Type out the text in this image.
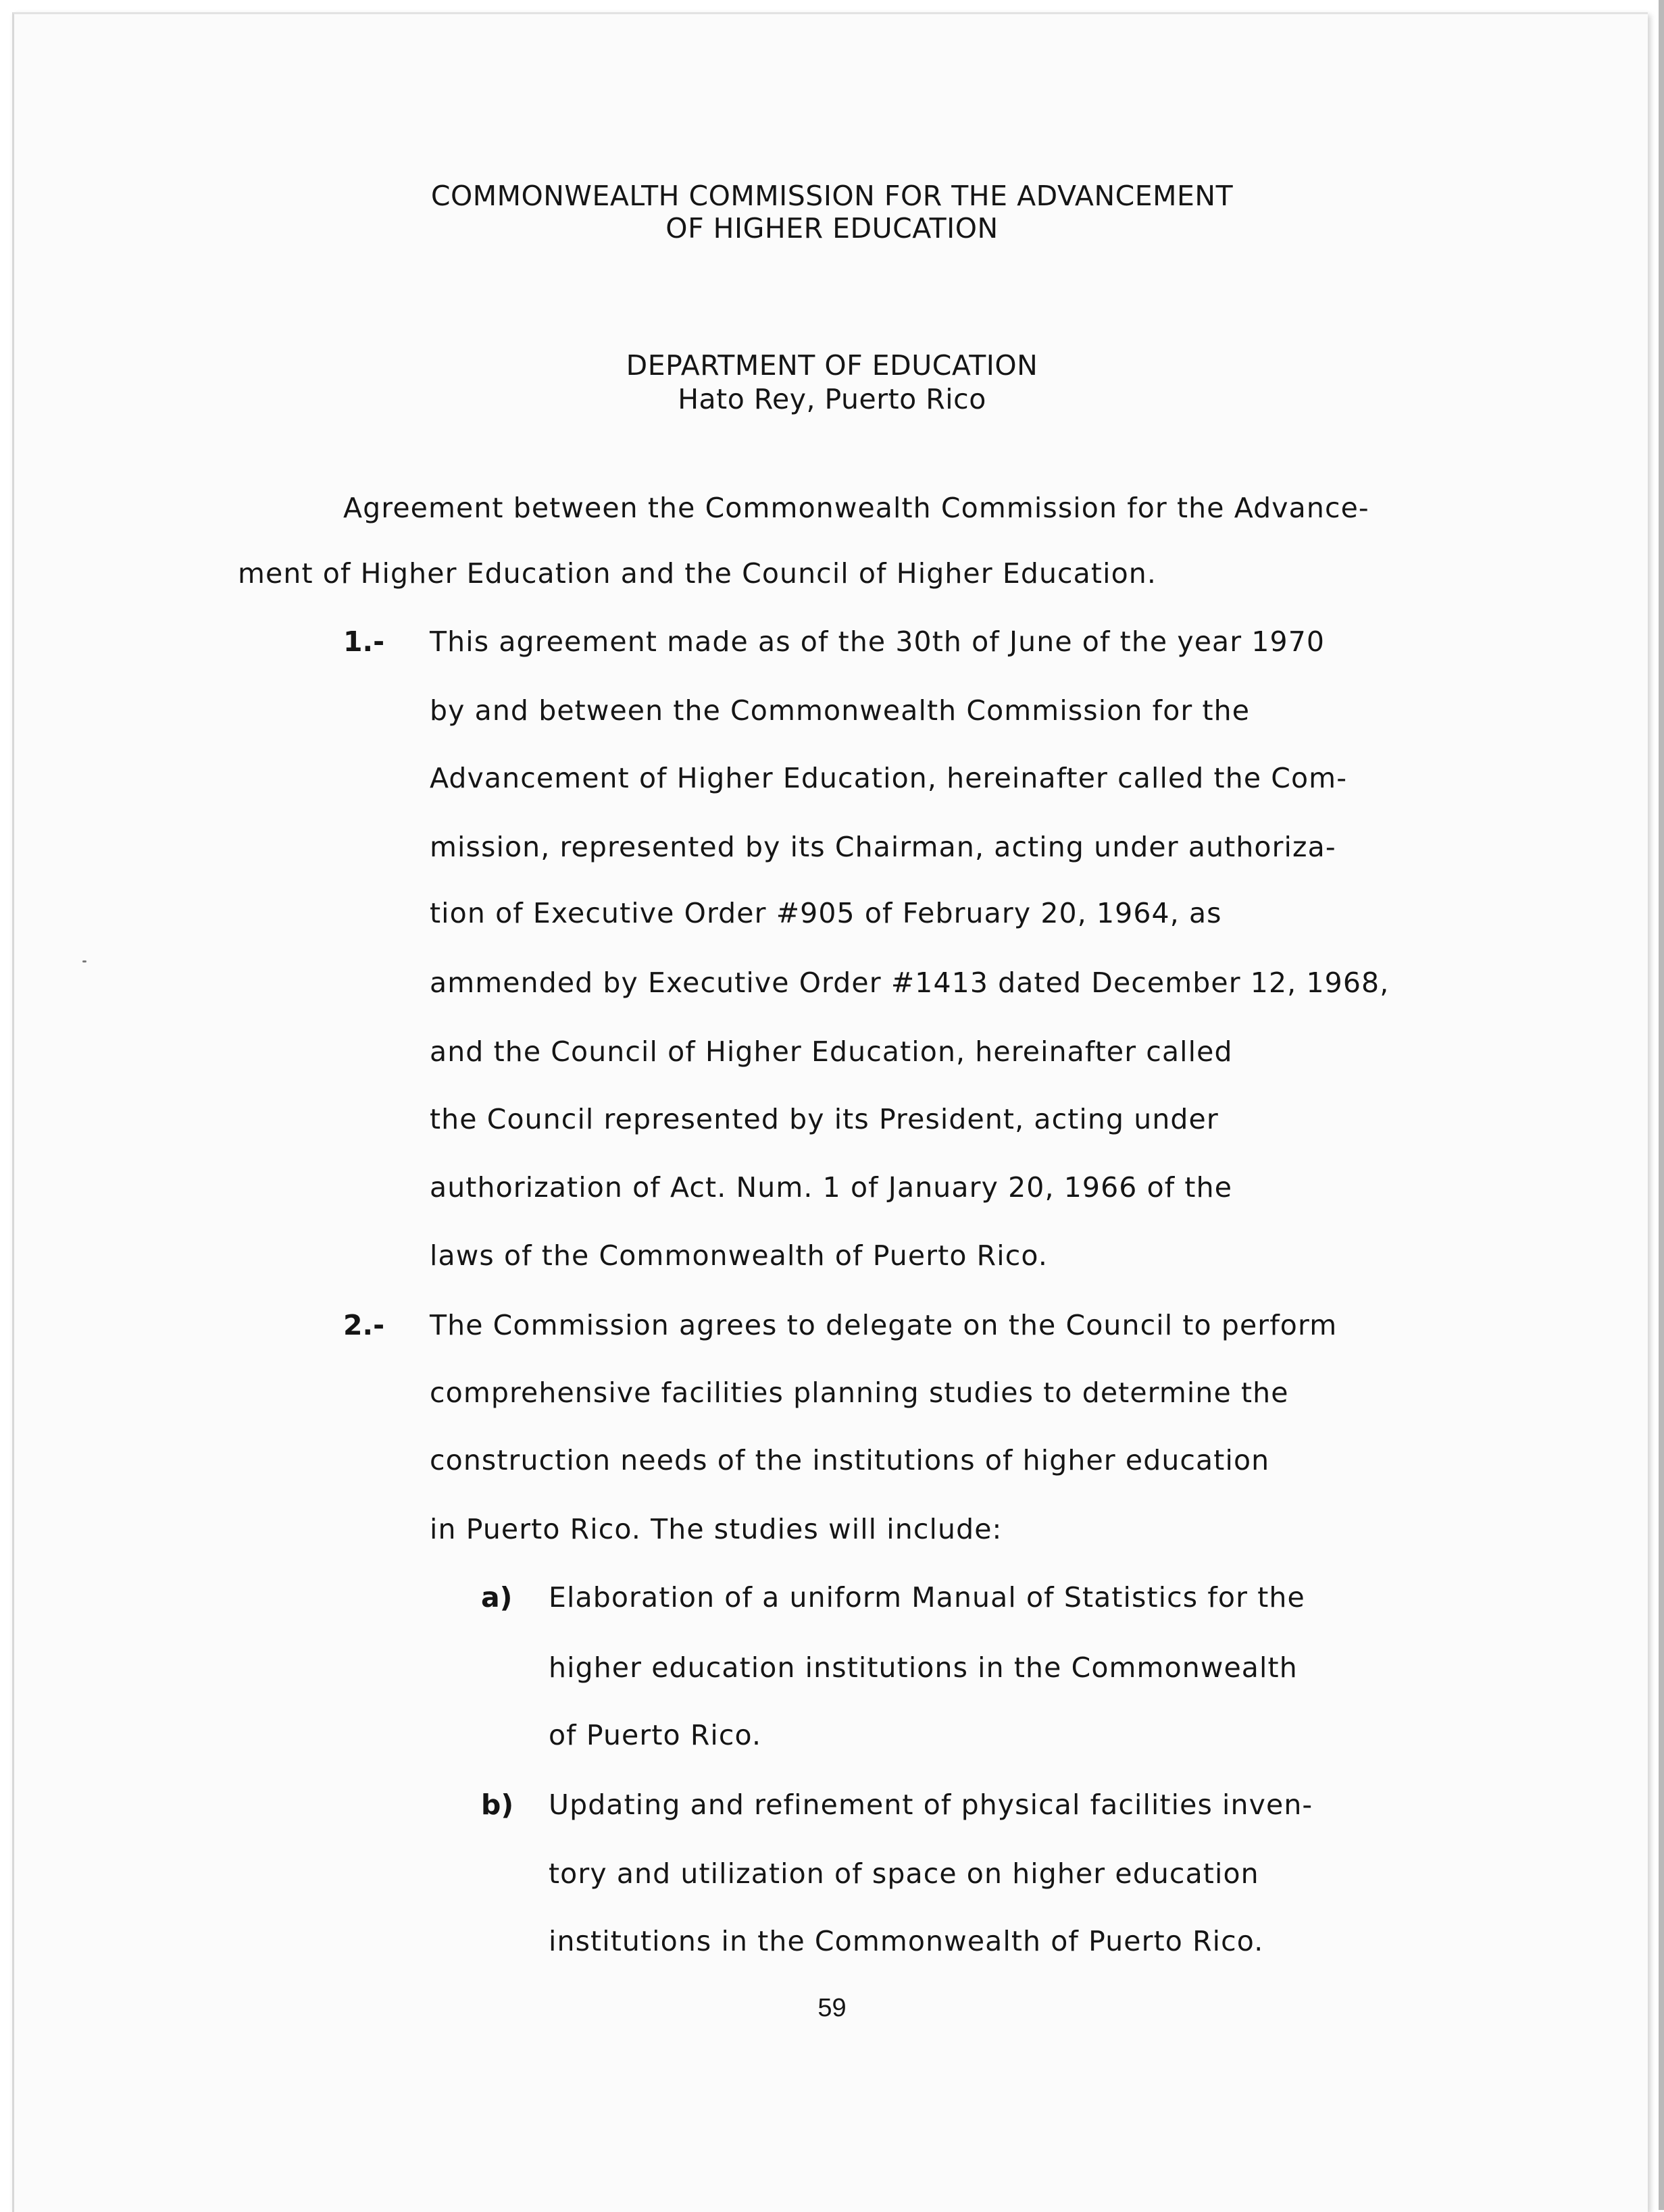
COMMONWEALTH COMMISSION FOR THE ADVANCEMENT
OF HIGHER EDUCATION
DEPARTMENT OF EDUCATION
Hato Rey, Puerto Rico
Agreement between the Commonwealth Commission for the Advance-
ment of Higher Education and the Council of Higher Education.
1.- This agreement made as of the 30th of June of the year 1970
by and between the Commonwealth Commission for the
Advancement of Higher Education, hereinafter called the Com-
mission, represented by its Chairman, acting under authoriza-
tion of Executive Order #905 of February 20, 1964, as
ammended by Executive Order #1413 dated December 12, 1968,
and the Council of Higher Education, hereinafter called
the Council represented by its President, acting under
authorization of Act. Num. 1 of January 20, 1966 of the
laws of the Commonwealth of Puerto Rico.
2.- The Commission agrees to delegate on the Council to perform
comprehensive facilities planning studies to determine the
construction needs of the institutions of higher education
in Puerto Rico. The studies will include:
a) Elaboration of a uniform Manual of Statistics for the
higher education institutions in the Commonwealth
of Puerto Rico.
b) Updating and refinement of physical facilities inven-
tory and utilization of space on higher education
institutions in the Commonwealth of Puerto Rico.
59
